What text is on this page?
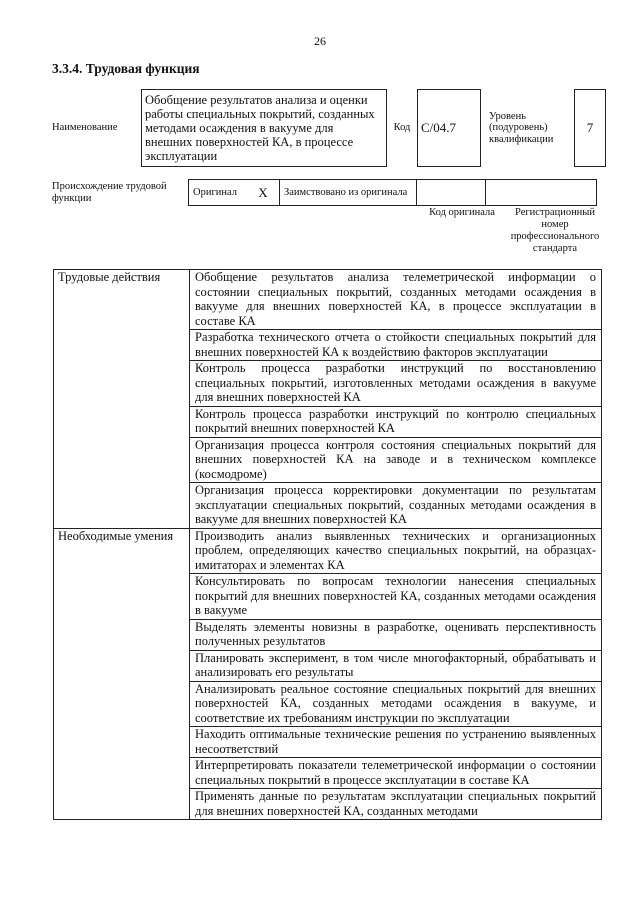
26
3.3.4. Трудовая функция
Наименование	Обобщение результатов анализа и оценки работы специальных покрытий, созданных методами осаждения в вакууме для внешних поверхностей КА, в процессе эксплуатации	Код	С/04.7	Уровень (подуровень) квалификации	7
Происхождение трудовой функции	Оригинал	X	Заимствовано из оригинала		
Код оригинала	Регистрационный номер профессионального стандарта
Трудовые действия	Обобщение результатов анализа телеметрической информации о состоянии специальных покрытий, созданных методами осаждения в вакууме для внешних поверхностей КА, в процессе эксплуатации в составе КА
	Разработка технического отчета о стойкости специальных покрытий для внешних поверхностей КА к воздействию факторов эксплуатации
	Контроль процесса разработки инструкций по восстановлению специальных покрытий, изготовленных методами осаждения в вакууме для внешних поверхностей КА
	Контроль процесса разработки инструкций по контролю специальных покрытий внешних поверхностей КА
	Организация процесса контроля состояния специальных покрытий для внешних поверхностей КА на заводе и в техническом комплексе (космодроме)
	Организация процесса корректировки документации по результатам эксплуатации специальных покрытий, созданных методами осаждения в вакууме для внешних поверхностей КА
Необходимые умения	Производить анализ выявленных технических и организационных проблем, определяющих качество специальных покрытий, на образцах-имитаторах и элементах КА
	Консультировать по вопросам технологии нанесения специальных покрытий для внешних поверхностей КА, созданных методами осаждения в вакууме
	Выделять элементы новизны в разработке, оценивать перспективность полученных результатов
	Планировать эксперимент, в том числе многофакторный, обрабатывать и анализировать его результаты
	Анализировать реальное состояние специальных покрытий для внешних поверхностей КА, созданных методами осаждения в вакууме, и соответствие их требованиям инструкции по эксплуатации
	Находить оптимальные технические решения по устранению выявленных несоответствий
	Интерпретировать показатели телеметрической информации о состоянии специальных покрытий в процессе эксплуатации в составе КА
	Применять данные по результатам эксплуатации специальных покрытий для внешних поверхностей КА, созданных методами
